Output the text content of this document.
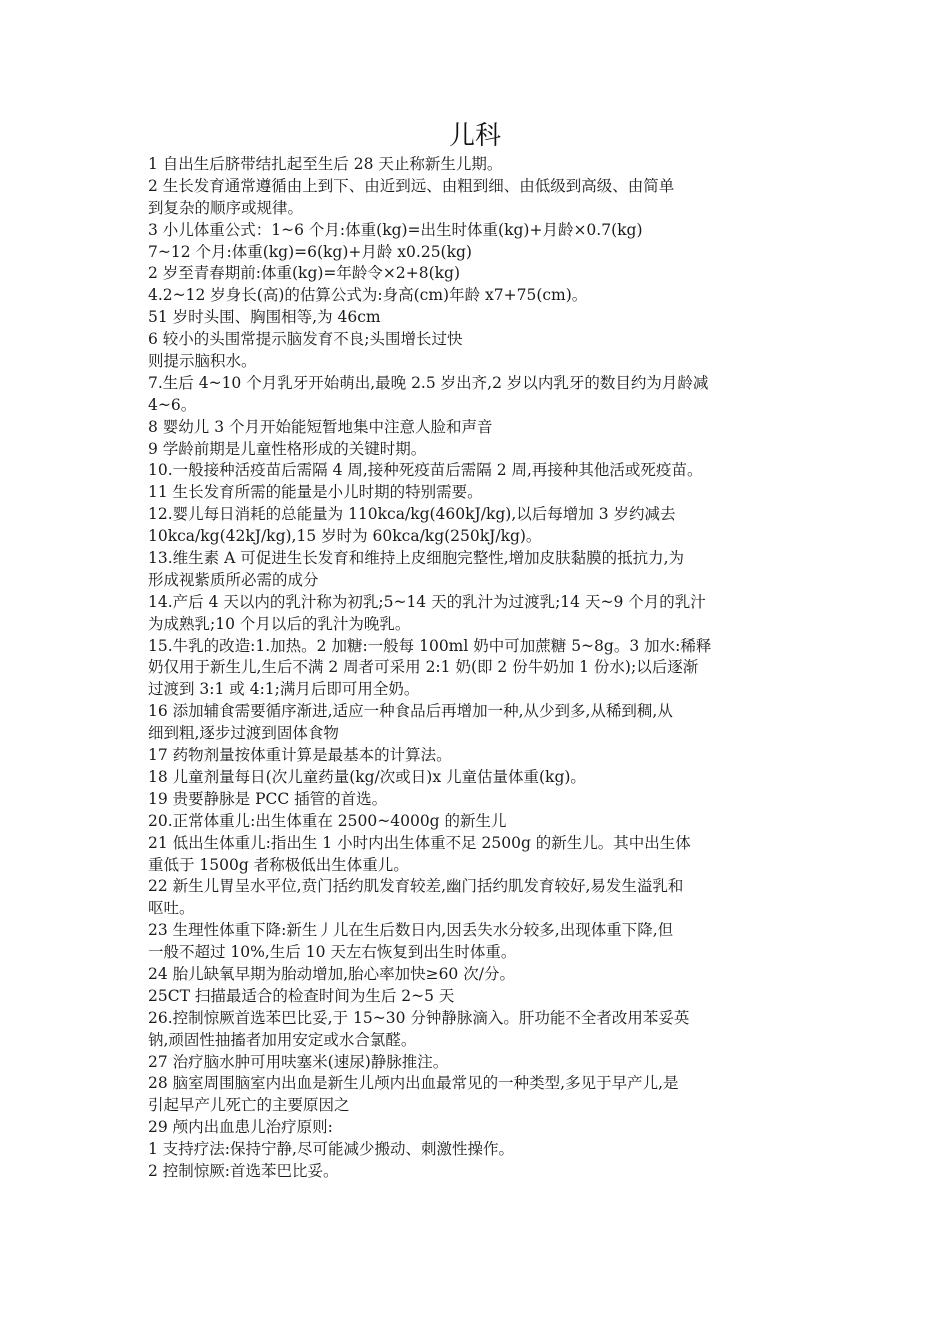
儿科
1 自出生后脐带结扎起至生后 28 天止称新生儿期。
2 生长发育通常遵循由上到下、由近到远、由粗到细、由低级到高级、由简单
到复杂的顺序或规律。
3 小儿体重公式：1~6 个月:体重(kg)=出生时体重(kg)+月龄×0.7(kg)
7~12 个月:体重(kg)=6(kg)+月龄 x0.25(kg)
2 岁至青春期前:体重(kg)=年龄令×2+8(kg)
4.2~12 岁身长(高)的估算公式为:身高(cm)年龄 x7+75(cm)。
51 岁时头围、胸围相等,为 46cm
6 较小的头围常提示脑发育不良;头围增长过快
则提示脑积水。
7.生后 4~10 个月乳牙开始萌出,最晚 2.5 岁出齐,2 岁以内乳牙的数目约为月龄减
4~6。
8 婴幼儿 3 个月开始能短暂地集中注意人脸和声音
9 学龄前期是儿童性格形成的关键时期。
10.一般接种活疫苗后需隔 4 周,接种死疫苗后需隔 2 周,再接种其他活或死疫苗。
11 生长发育所需的能量是小儿时期的特别需要。
12.婴儿每日消耗的总能量为 110kca/kg(460kJ/kg),以后每增加 3 岁约减去
10kca/kg(42kJ/kg),15 岁时为 60kca/kg(250kJ/kg)。
13.维生素 A 可促进生长发育和维持上皮细胞完整性,增加皮肤黏膜的抵抗力,为
形成视紫质所必需的成分
14.产后 4 天以内的乳汁称为初乳;5~14 天的乳汁为过渡乳;14 天~9 个月的乳汁
为成熟乳;10 个月以后的乳汁为晚乳。
15.牛乳的改造:1.加热。2 加糖:一般每 100ml 奶中可加蔗糖 5~8g。3 加水:稀释
奶仅用于新生儿,生后不满 2 周者可采用 2:1 奶(即 2 份牛奶加 1 份水);以后逐渐
过渡到 3:1 或 4:1;满月后即可用全奶。
16 添加辅食需要循序渐进,适应一种食品后再增加一种,从少到多,从稀到稠,从
细到粗,逐步过渡到固体食物
17 药物剂量按体重计算是最基本的计算法。
18 儿童剂量每日(次儿童药量(kg/次或日)x 儿童估量体重(kg)。
19 贵要静脉是 PCC 插管的首选。
20.正常体重儿:出生体重在 2500~4000g 的新生儿
21 低出生体重儿:指出生 1 小时内出生体重不足 2500g 的新生儿。其中出生体
重低于 1500g 者称极低出生体重儿。
22 新生儿胃呈水平位,贲门括约肌发育较差,幽门括约肌发育较好,易发生溢乳和
呕吐。
23 生理性体重下降:新生丿儿在生后数日内,因丢失水分较多,出现体重下降,但
一般不超过 10%,生后 10 天左右恢复到出生时体重。
24 胎儿缺氧早期为胎动增加,胎心率加快≥60 次/分。
25CT 扫描最适合的检查时间为生后 2~5 天
26.控制惊厥首选苯巴比妥,于 15~30 分钟静脉滴入。肝功能不全者改用苯妥英
钠,顽固性抽搐者加用安定或水合氯醛。
27 治疗脑水肿可用呋塞米(速尿)静脉推注。
28 脑室周围脑室内出血是新生儿颅内出血最常见的一种类型,多见于早产儿,是
引起早产儿死亡的主要原因之
29 颅内出血患儿治疗原则:
1 支持疗法:保持宁静,尽可能减少搬动、刺激性操作。
2 控制惊厥:首选苯巴比妥。
